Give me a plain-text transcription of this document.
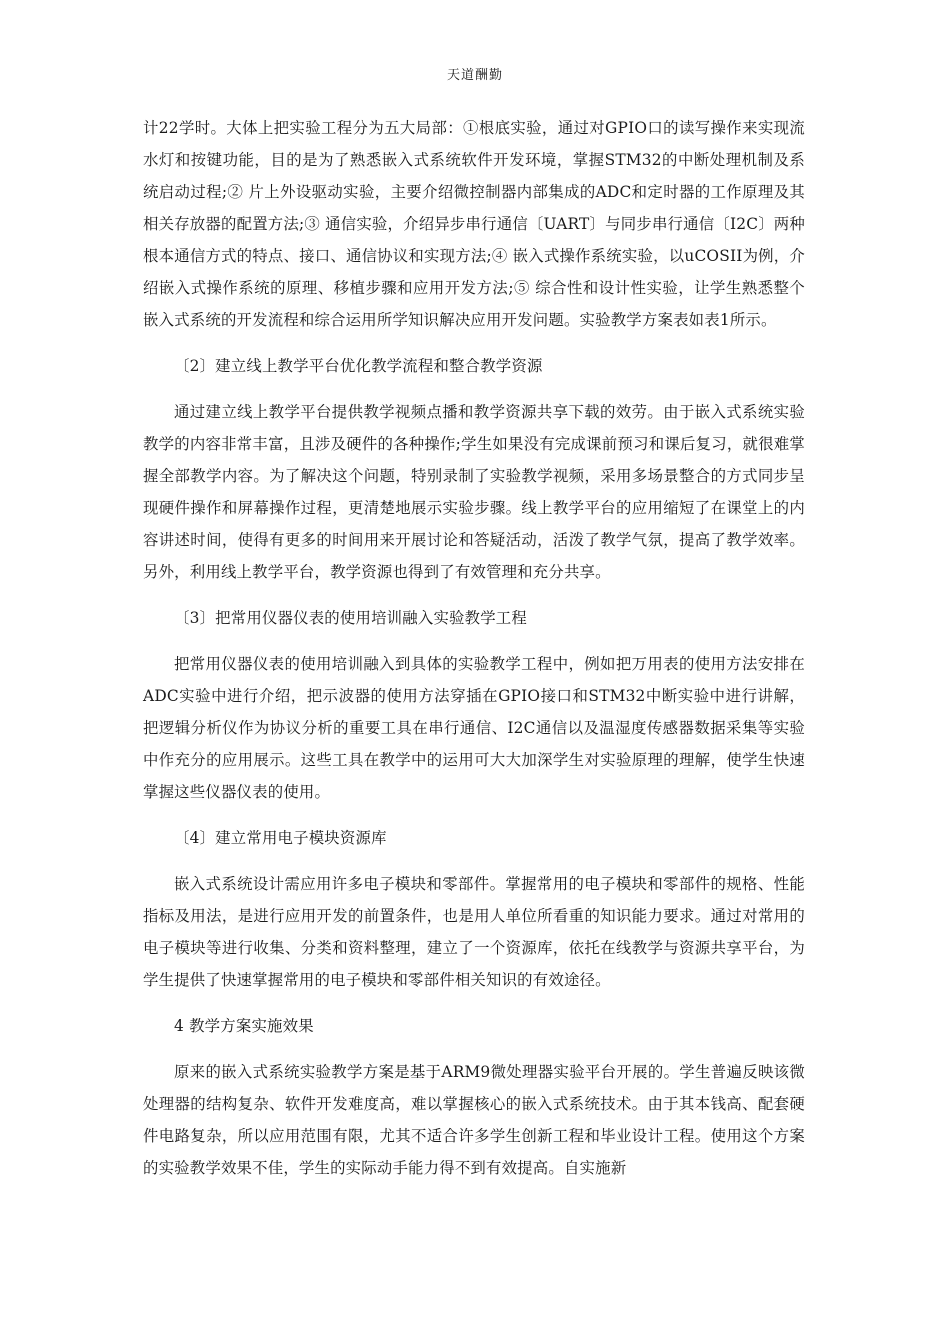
天道酬勤

计22学时。大体上把实验工程分为五大局部：①根底实验，通过对GPIO口的读写操作来实现流水灯和按键功能，目的是为了熟悉嵌入式系统软件开发环境，掌握STM32的中断处理机制及系统启动过程;② 片上外设驱动实验，主要介绍微控制器内部集成的ADC和定时器的工作原理及其相关存放器的配置方法;③ 通信实验，介绍异步串行通信〔UART〕与同步串行通信〔I2C〕两种根本通信方式的特点、接口、通信协议和实现方法;④ 嵌入式操作系统实验，以uCOSII为例，介绍嵌入式操作系统的原理、移植步骤和应用开发方法;⑤ 综合性和设计性实验，让学生熟悉整个嵌入式系统的开发流程和综合运用所学知识解决应用开发问题。实验教学方案表如表1所示。

〔2〕建立线上教学平台优化教学流程和整合教学资源

通过建立线上教学平台提供教学视频点播和教学资源共享下载的效劳。由于嵌入式系统实验教学的内容非常丰富，且涉及硬件的各种操作;学生如果没有完成课前预习和课后复习，就很难掌握全部教学内容。为了解决这个问题，特别录制了实验教学视频，采用多场景整合的方式同步呈现硬件操作和屏幕操作过程，更清楚地展示实验步骤。线上教学平台的应用缩短了在课堂上的内容讲述时间，使得有更多的时间用来开展讨论和答疑活动，活泼了教学气氛，提高了教学效率。另外，利用线上教学平台，教学资源也得到了有效管理和充分共享。

〔3〕把常用仪器仪表的使用培训融入实验教学工程

把常用仪器仪表的使用培训融入到具体的实验教学工程中，例如把万用表的使用方法安排在ADC实验中进行介绍，把示波器的使用方法穿插在GPIO接口和STM32中断实验中进行讲解，把逻辑分析仪作为协议分析的重要工具在串行通信、I2C通信以及温湿度传感器数据采集等实验中作充分的应用展示。这些工具在教学中的运用可大大加深学生对实验原理的理解，使学生快速掌握这些仪器仪表的使用。

〔4〕建立常用电子模块资源库

嵌入式系统设计需应用许多电子模块和零部件。掌握常用的电子模块和零部件的规格、性能指标及用法，是进行应用开发的前置条件，也是用人单位所看重的知识能力要求。通过对常用的电子模块等进行收集、分类和资料整理，建立了一个资源库，依托在线教学与资源共享平台，为学生提供了快速掌握常用的电子模块和零部件相关知识的有效途径。

4 教学方案实施效果

原来的嵌入式系统实验教学方案是基于ARM9微处理器实验平台开展的。学生普遍反映该微处理器的结构复杂、软件开发难度高，难以掌握核心的嵌入式系统技术。由于其本钱高、配套硬件电路复杂，所以应用范围有限，尤其不适合许多学生创新工程和毕业设计工程。使用这个方案的实验教学效果不佳，学生的实际动手能力得不到有效提高。自实施新
